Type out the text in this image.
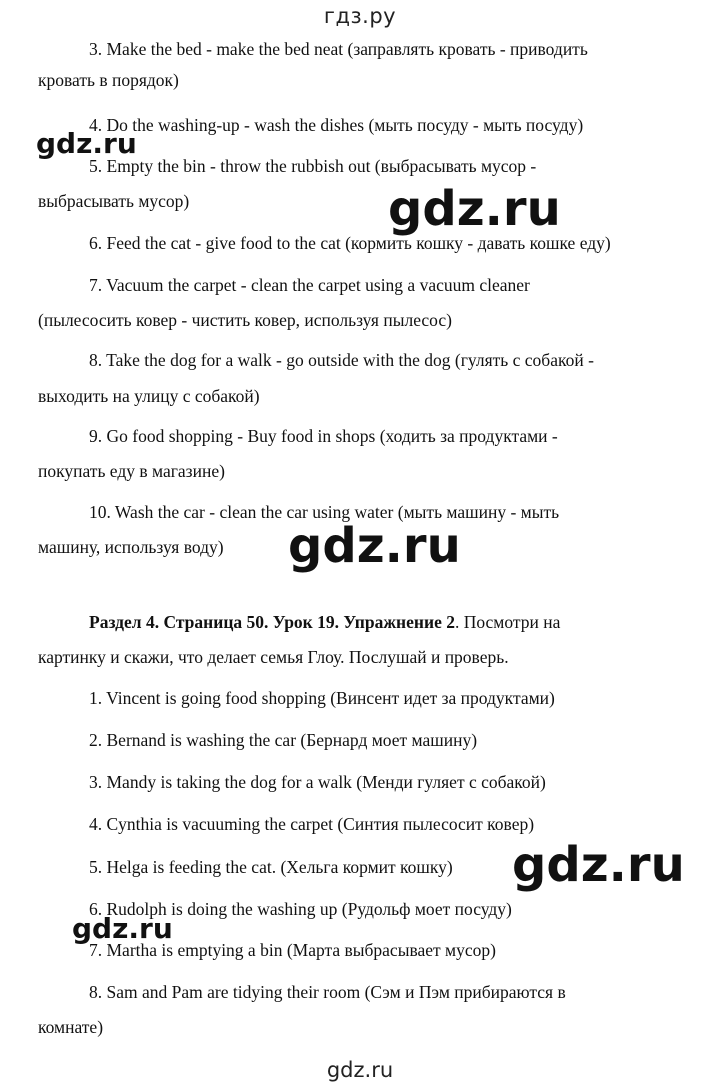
гдз.ру
3. Make the bed - make the bed neat (заправлять кровать - приводить
кровать в порядок)
4. Do the washing-up - wash the dishes (мыть посуду - мыть посуду)
5. Empty the bin - throw the rubbish out (выбрасывать мусор -
выбрасывать мусор)
6. Feed the cat - give food to the cat (кормить кошку - давать кошке еду)
7. Vacuum the carpet - clean the carpet using a vacuum cleaner
(пылесосить ковер - чистить ковер, используя пылесос)
8. Take the dog for a walk - go outside with the dog (гулять с собакой -
выходить на улицу с собакой)
9. Go food shopping - Buy food in shops (ходить за продуктами -
покупать еду в магазине)
10. Wash the car - clean the car using water (мыть машину - мыть
машину, используя воду)
Раздел 4. Страница 50. Урок 19. Упражнение 2. Посмотри на
картинку и скажи, что делает семья Глоу. Послушай и проверь.
1. Vincent is going food shopping (Винсент идет за продуктами)
2. Bernand is washing the car (Бернард моет машину)
3. Mandy is taking the dog for a walk (Менди гуляет с собакой)
4. Cynthia is vacuuming the carpet (Синтия пылесосит ковер)
5. Helga is feeding the cat. (Хельга кормит кошку)
6. Rudolph is doing the washing up (Рудольф моет посуду)
7. Martha is emptying a bin (Марта выбрасывает мусор)
8. Sam and Pam are tidying their room (Сэм и Пэм прибираются в
комнате)
gdz.ru
gdz.ru
gdz.ru
gdz.ru
gdz.ru
gdz.ru
